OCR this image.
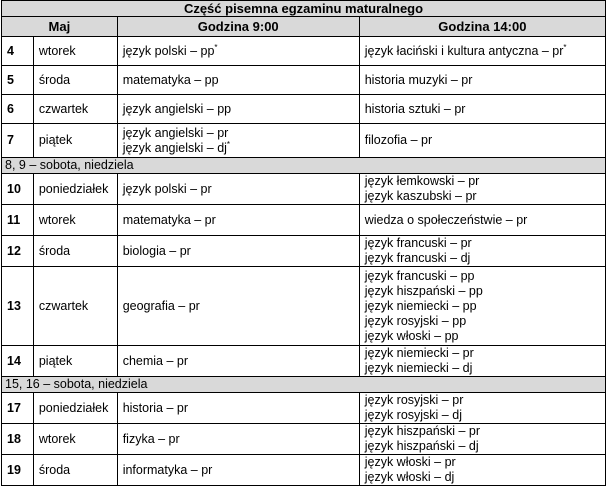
Część pisemna egzaminu maturalnego			
Maj		Godzina 9:00	Godzina 14:00
4	wtorek	język polski – pp*	język łaciński i kultura antyczna – pr*

5	środa	matematyka – pp	historia muzyki – pr

6	czwartek	język angielski – pp	historia sztuki – pr

7	piątek	język angielski – pr
język angielski – dj*	filozofia – pr

8, 9 – sobota, niedziela			
10	poniedziałek	język polski – pr	język łemkowski – pr
język kaszubski – pr

11	wtorek	matematyka – pr	wiedza o społeczeństwie – pr

12	środa	biologia – pr	język francuski – pr
język francuski – dj

13	czwartek	geografia – pr	język francuski – pp
język hiszpański – pp
język niemiecki – pp
język rosyjski – pp
język włoski – pp

14	piątek	chemia – pr	język niemiecki – pr
język niemiecki – dj

15, 16 – sobota, niedziela			
17	poniedziałek	historia – pr	język rosyjski – pr
język rosyjski – dj

18	wtorek	fizyka – pr	język hiszpański – pr
język hiszpański – dj

19	środa	informatyka – pr	język włoski – pr
język włoski – dj
